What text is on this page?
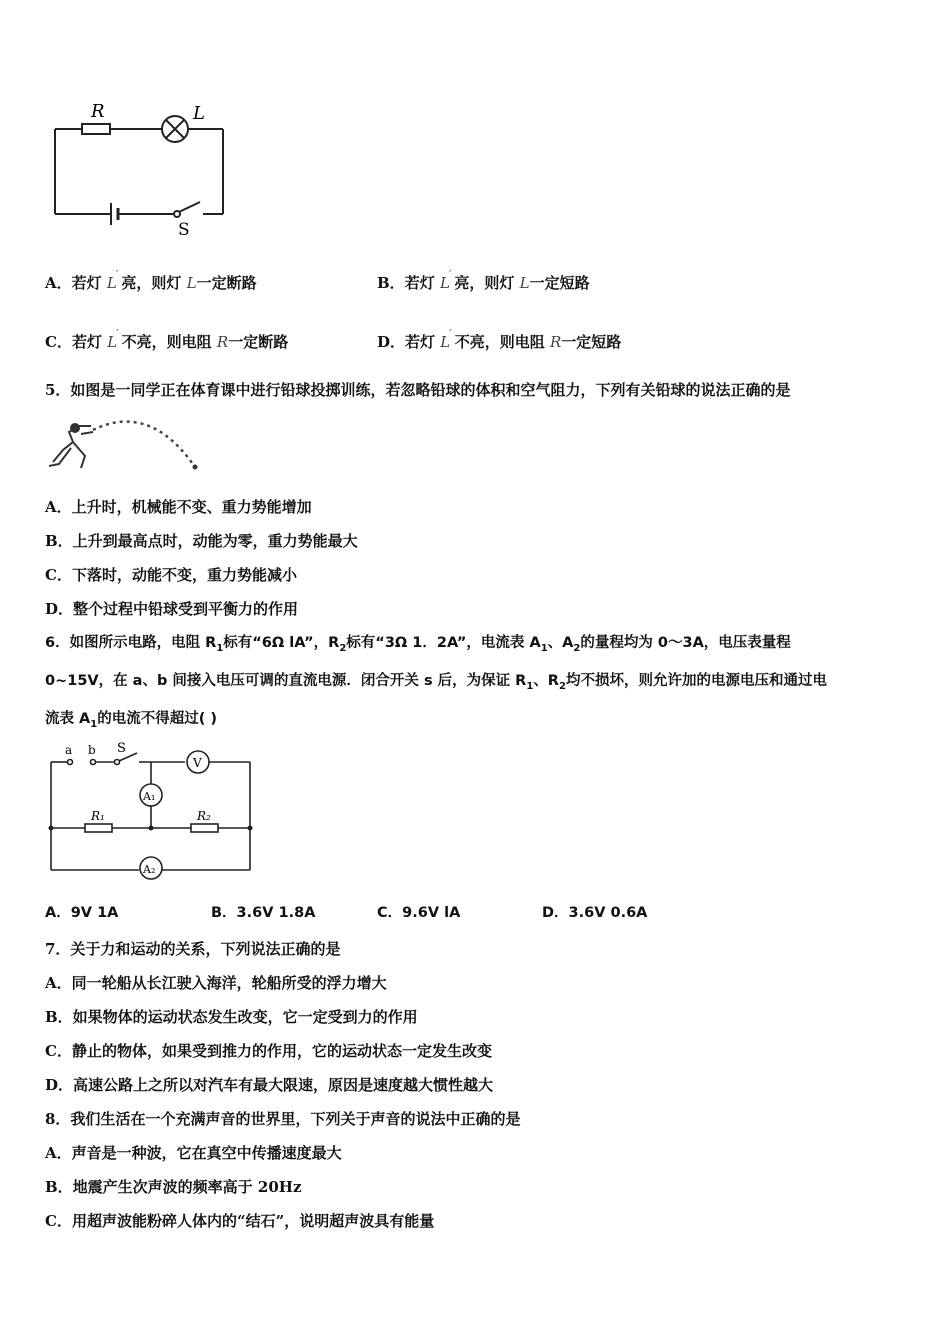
R	L
S
A．若灯 L′ 亮，则灯 L一定断路	B．若灯 L′ 亮，则灯 L一定短路
C．若灯 L′ 不亮，则电阻 R一定断路	D．若灯 L′ 不亮，则电阻 R一定短路
5．如图是一同学正在体育课中进行铅球投掷训练，若忽略铅球的体积和空气阻力，下列有关铅球的说法正确的是
A．上升时，机械能不变、重力势能增加
B．上升到最高点时，动能为零，重力势能最大
C．下落时，动能不变，重力势能减小
D．整个过程中铅球受到平衡力的作用
6．如图所示电路，电阻 $R_1$标有“6Ω lA”，$R_2$标有“3Ω 1．2A”，电流表 $A_1$、$A_2$的量程均为 0～3A，电压表量程
0~15V，在 a、b 间接入电压可调的直流电源．闭合开关 s 后，为保证 $R_1$、$R_2$均不损坏，则允许加的电源电压和通过电
流表 $A_1$的电流不得超过( )
a b S
V
A₁
A₂
R₁	R₂
A．9V 1A	B．3.6V 1.8A	C．9.6V lA	D．3.6V 0.6A
7．关于力和运动的关系，下列说法正确的是
A．同一轮船从长江驶入海洋，轮船所受的浮力增大
B．如果物体的运动状态发生改变，它一定受到力的作用
C．静止的物体，如果受到推力的作用，它的运动状态一定发生改变
D．高速公路上之所以对汽车有最大限速，原因是速度越大惯性越大
8．我们生活在一个充满声音的世界里，下列关于声音的说法中正确的是
A．声音是一种波，它在真空中传播速度最大
B．地震产生次声波的频率高于 20Hz
C．用超声波能粉碎人体内的“结石”，说明超声波具有能量
